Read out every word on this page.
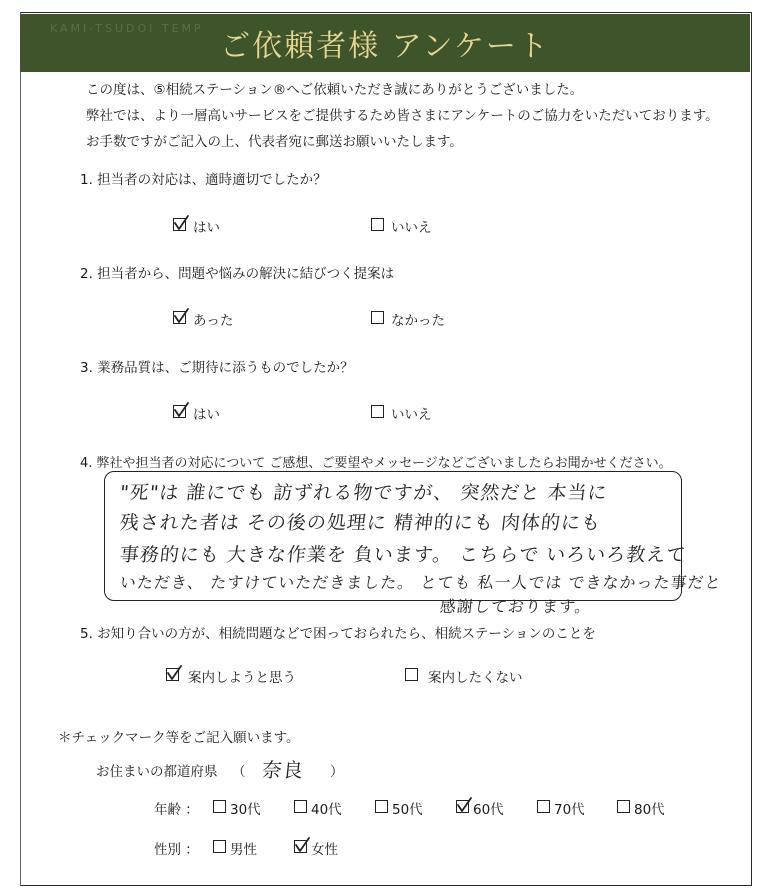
KAMI-TSUDOI TEMP
ご依頼者様 アンケート
この度は、⑤相続ステーション®へご依頼いただき誠にありがとうございました。
弊社では、より一層高いサービスをご提供するため皆さまにアンケートのご協力をいただいております。
お手数ですがご記入の上、代表者宛に郵送お願いいたします。
1. 担当者の対応は、適時適切でしたか？
はい	いいえ
2. 担当者から、問題や悩みの解決に結びつく提案は
あった	なかった
3. 業務品質は、ご期待に添うものでしたか？
はい	いいえ
4. 弊社や担当者の対応について ご感想、ご要望やメッセージなどございましたらお聞かせください。
"死"は 誰にでも 訪ずれる物ですが、 突然だと 本当に
残された者は その後の処理に 精神的にも 肉体的にも
事務的にも 大きな作業を 負います。 こちらで いろいろ教えて
いただき、 たすけていただきました。 とても 私一人では できなかった事だと
感謝しております。
5. お知り合いの方が、相続問題などで困っておられたら、相続ステーションのことを
案内しようと思う	案内したくない
＊チェックマーク等をご記入願います。
お住まいの都道府県 （ 奈良 ）
年齢 ： 30代	40代	50代	60代	70代	80代
性別 ： 男性	女性
